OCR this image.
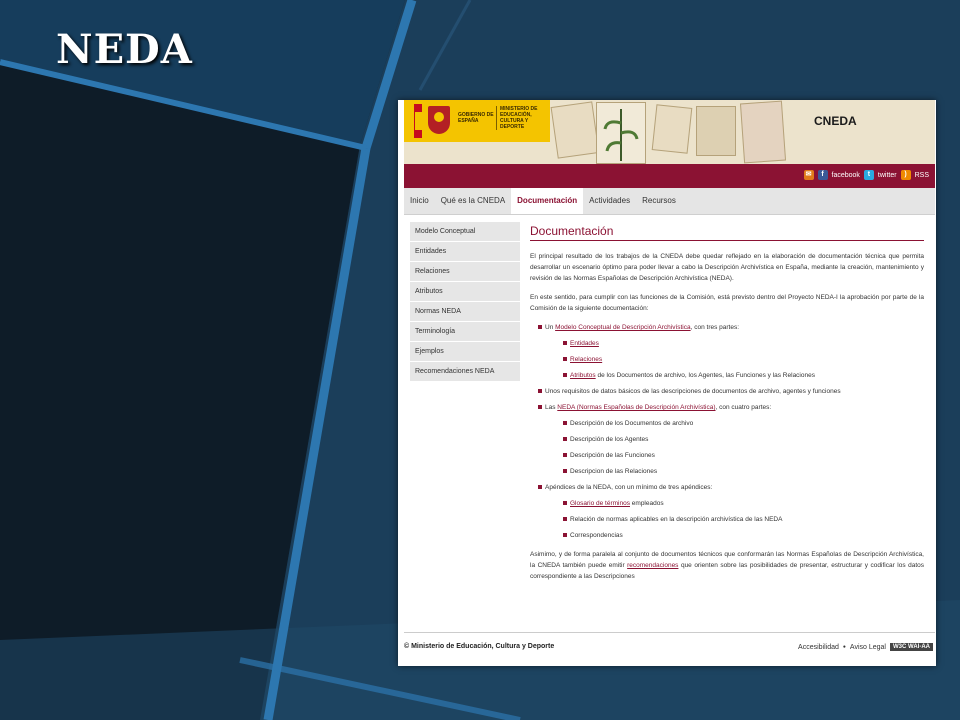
NEDA
GOBIERNO DE ESPAÑA
MINISTERIO DE EDUCACIÓN, CULTURA Y DEPORTE	CNEDA
✉	f	facebook	t	twitter	)	RSS
Inicio	Qué es la CNEDA	Documentación	Actividades	Recursos
Modelo Conceptual
Entidades
Relaciones
Atributos
Normas NEDA
Terminología
Ejemplos
Recomendaciones NEDA
Documentación

El principal resultado de los trabajos de la CNEDA debe quedar reflejado en la elaboración de documentación técnica que permita desarrollar un escenario óptimo para poder llevar a cabo la Descripción Archivística en España, mediante la creación, mantenimiento y revisión de las Normas Españolas de Descripción Archivística (NEDA).

En este sentido, para cumplir con las funciones de la Comisión, está previsto dentro del Proyecto NEDA-I la aprobación por parte de la Comisión de la siguiente documentación:

Un Modelo Conceptual de Descripción Archivística, con tres partes:
Entidades
Relaciones
Atributos de los Documentos de archivo, los Agentes, las Funciones y las Relaciones
Unos requisitos de datos básicos de las descripciones de documentos de archivo, agentes y funciones
Las NEDA (Normas Españolas de Descripción Archivística), con cuatro partes:
Descripción de los Documentos de archivo
Descripción de los Agentes
Descripción de las Funciones
Descripcion de las Relaciones
Apéndices de la NEDA, con un mínimo de tres apéndices:
Glosario de términos empleados
Relación de normas aplicables en la descripción archivística de las NEDA
Correspondencias

Asimimo, y de forma paralela al conjunto de documentos técnicos que conformarán las Normas Españolas de Descripción Archivística, la CNEDA también puede emitir recomendaciones que orienten sobre las posibilidades de presentar, estructurar y codificar los datos correspondiente a las Descripciones

© Ministerio de Educación, Cultura y Deporte	Accesibilidad ● Aviso Legal	W3C WAI-AA
